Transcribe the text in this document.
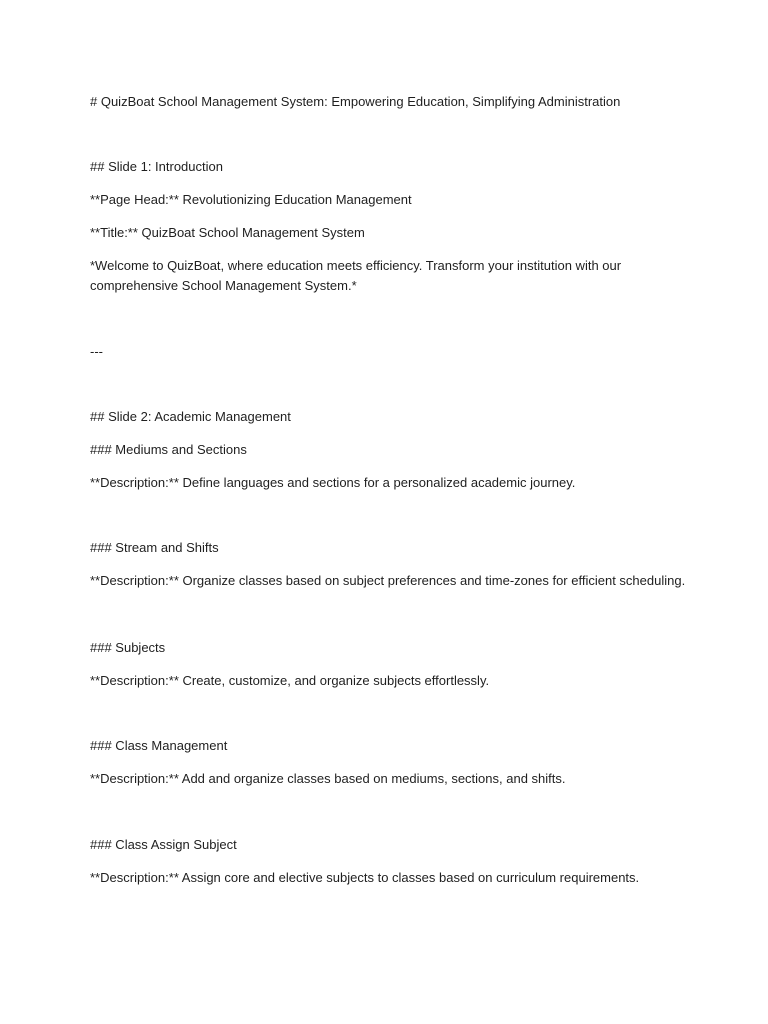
# QuizBoat School Management System: Empowering Education, Simplifying Administration
## Slide 1: Introduction
**Page Head:** Revolutionizing Education Management
**Title:** QuizBoat School Management System
*Welcome to QuizBoat, where education meets efficiency. Transform your institution with our
comprehensive School Management System.*
---
## Slide 2: Academic Management
### Mediums and Sections
**Description:** Define languages and sections for a personalized academic journey.
### Stream and Shifts
**Description:** Organize classes based on subject preferences and time-zones for efficient scheduling.
### Subjects
**Description:** Create, customize, and organize subjects effortlessly.
### Class Management
**Description:** Add and organize classes based on mediums, sections, and shifts.
### Class Assign Subject
**Description:** Assign core and elective subjects to classes based on curriculum requirements.
